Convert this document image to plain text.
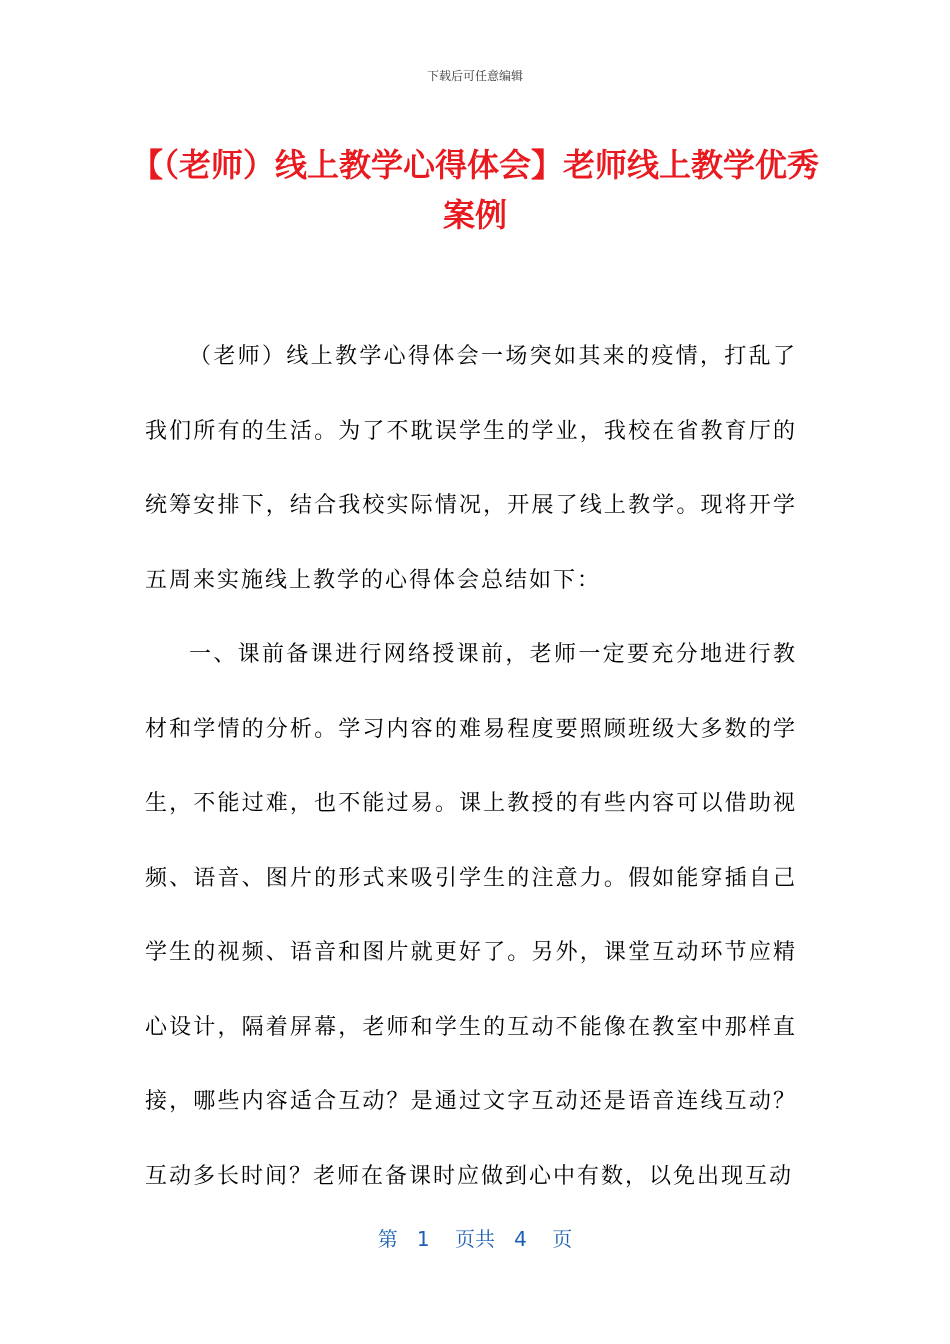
下载后可任意编辑
【（老师）线上教学心得体会】老师线上教学优秀案例

（老师）线上教学心得体会一场突如其来的疫情，打乱了我们所有的生活。为了不耽误学生的学业，我校在省教育厅的统筹安排下，结合我校实际情况，开展了线上教学。现将开学五周来实施线上教学的心得体会总结如下：

一、课前备课进行网络授课前，老师一定要充分地进行教材和学情的分析。学习内容的难易程度要照顾班级大多数的学生，不能过难，也不能过易。课上教授的有些内容可以借助视频、语音、图片的形式来吸引学生的注意力。假如能穿插自己学生的视频、语音和图片就更好了。另外，课堂互动环节应精心设计，隔着屏幕，老师和学生的互动不能像在教室中那样直接，哪些内容适合互动？是通过文字互动还是语音连线互动？互动多长时间？老师在备课时应做到心中有数，以免出现互动

第 1 页共 4 页
